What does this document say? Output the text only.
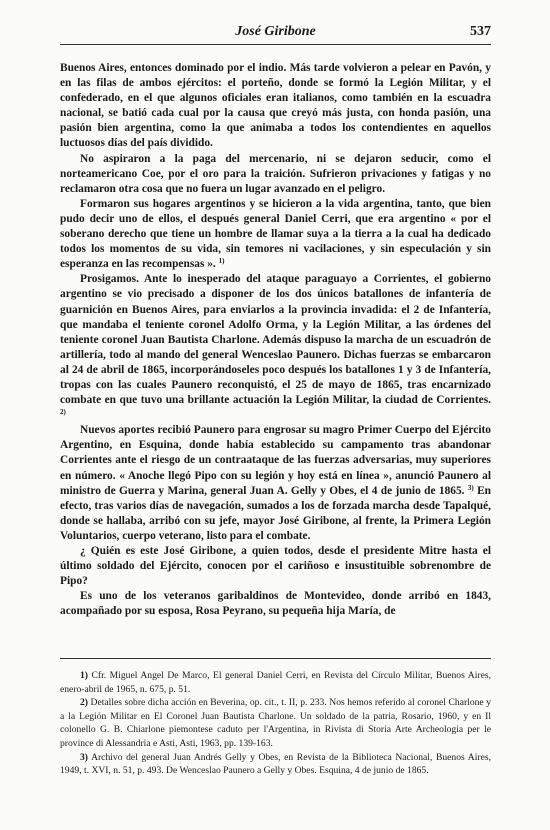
José Giribone	537

Buenos Aires, entonces dominado por el indio. Más tarde volvieron a pelear en Pavón, y en las filas de ambos ejércitos: el porteño, donde se formó la Legión Militar, y el confederado, en el que algunos oficiales eran italianos, como también en la escuadra nacional, se batió cada cual por la causa que creyó más justa, con honda pasión, una pasión bien argentina, como la que animaba a todos los contendientes en aquellos luctuosos días del país dividido.

No aspiraron a la paga del mercenario, ni se dejaron seducir, como el norteamericano Coe, por el oro para la traición. Sufrieron privaciones y fatigas y no reclamaron otra cosa que no fuera un lugar avanzado en el peligro.

Formaron sus hogares argentinos y se hicieron a la vida argentina, tanto, que bien pudo decir uno de ellos, el después general Daniel Cerri, que era argentino « por el soberano derecho que tiene un hombre de llamar suya a la tierra a la cual ha dedicado todos los momentos de su vida, sin temores ni vacilaciones, y sin especulación y sin esperanza en las recompensas ». $^{1)}$

Prosigamos. Ante lo inesperado del ataque paraguayo a Corrientes, el gobierno argentino se vio precisado a disponer de los dos únicos batallones de infantería de guarnición en Buenos Aires, para enviarlos a la provincia invadida: el 2 de Infantería, que mandaba el teniente coronel Adolfo Orma, y la Legión Militar, a las órdenes del teniente coronel Juan Bautista Charlone. Además dispuso la marcha de un escuadrón de artillería, todo al mando del general Wenceslao Paunero. Dichas fuerzas se embarcaron al 24 de abril de 1865, incorporándoseles poco después los batallones 1 y 3 de Infantería, tropas con las cuales Paunero reconquistó, el 25 de mayo de 1865, tras encarnizado combate en que tuvo una brillante actuación la Legión Militar, la ciudad de Corrientes. $^{2)}$

Nuevos aportes recibió Paunero para engrosar su magro Primer Cuerpo del Ejército Argentino, en Esquina, donde había establecido su campamento tras abandonar Corrientes ante el riesgo de un contraataque de las fuerzas adversarias, muy superiores en número. « Anoche llegó Pipo con su legión y hoy está en línea », anunció Paunero al ministro de Guerra y Marina, general Juan A. Gelly y Obes, el 4 de junio de 1865. $^{3)}$ En efecto, tras varios días de navegación, sumados a los de forzada marcha desde Tapalqué, donde se hallaba, arribó con su jefe, mayor José Giribone, al frente, la Primera Legión Voluntarios, cuerpo veterano, listo para el combate.

¿ Quién es este José Giribone, a quien todos, desde el presidente Mitre hasta el último soldado del Ejército, conocen por el cariñoso e insustituible sobrenombre de Pipo?

Es uno de los veteranos garibaldinos de Montevideo, donde arribó en 1843, acompañado por su esposa, Rosa Peyrano, su pequeña hija María, de

1) Cfr. Miguel Angel De Marco, El general Daniel Cerri, en Revista del Círculo Militar, Buenos Aires, enero-abril de 1965, n. 675, p. 51.

2) Detalles sobre dicha acción en Beverina, op. cit., t. II, p. 233. Nos hemos referido al coronel Charlone y a la Legión Militar en El Coronel Juan Bautista Charlone. Un soldado de la patria, Rosario, 1960, y en Il colonello G. B. Chiarlone piemontese caduto per l'Argentina, in Rivista di Storia Arte Archeologia per le province di Alessandria e Asti, Asti, 1963, pp. 139-163.

3) Archivo del general Juan Andrés Gelly y Obes, en Revista de la Biblioteca Nacional, Buenos Aires, 1949, t. XVI, n. 51, p. 493. De Wenceslao Paunero a Gelly y Obes. Esquina, 4 de junio de 1865.
